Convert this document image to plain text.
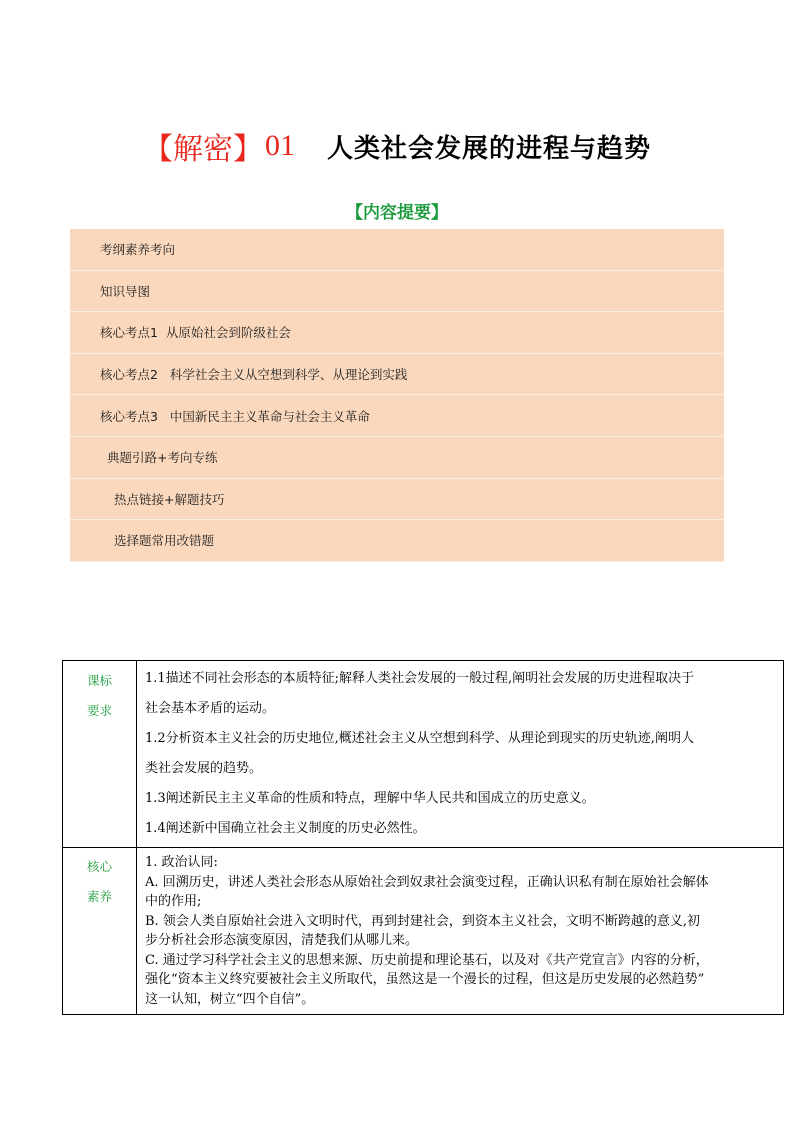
【解密】 01 人类社会发展的进程与趋势
【内容提要】
考纲素养考向
知识导图
核心考点1  从原始社会到阶级社会
核心考点2   科学社会主义从空想到科学、从理论到实践
核心考点3   中国新民主主义革命与社会主义革命
典题引路+考向专练
热点链接+解题技巧
选择题常用改错题
课标
要求

1.1描述不同社会形态的本质特征;解释人类社会发展的一般过程,阐明社会发展的历史进程取决于

社会基本矛盾的运动。

1.2分析资本主义社会的历史地位,概述社会主义从空想到科学、从理论到现实的历史轨迹,阐明人

类社会发展的趋势。

1.3阐述新民主主义革命的性质和特点，理解中华人民共和国成立的历史意义。

1.4阐述新中国确立社会主义制度的历史必然性。

核心
素养

1. 政治认同:

A. 回溯历史，讲述人类社会形态从原始社会到奴隶社会演变过程，正确认识私有制在原始社会解体

中的作用;

B. 领会人类自原始社会进入文明时代，再到封建社会，到资本主义社会，文明不断跨越的意义,初

步分析社会形态演变原因，清楚我们从哪儿来。

C. 通过学习科学社会主义的思想来源、历史前提和理论基石，以及对《共产党宣言》内容的分析，

强化“资本主义终究要被社会主义所取代，虽然这是一个漫长的过程，但这是历史发展的必然趋势”

这一认知，树立“四个自信”。
